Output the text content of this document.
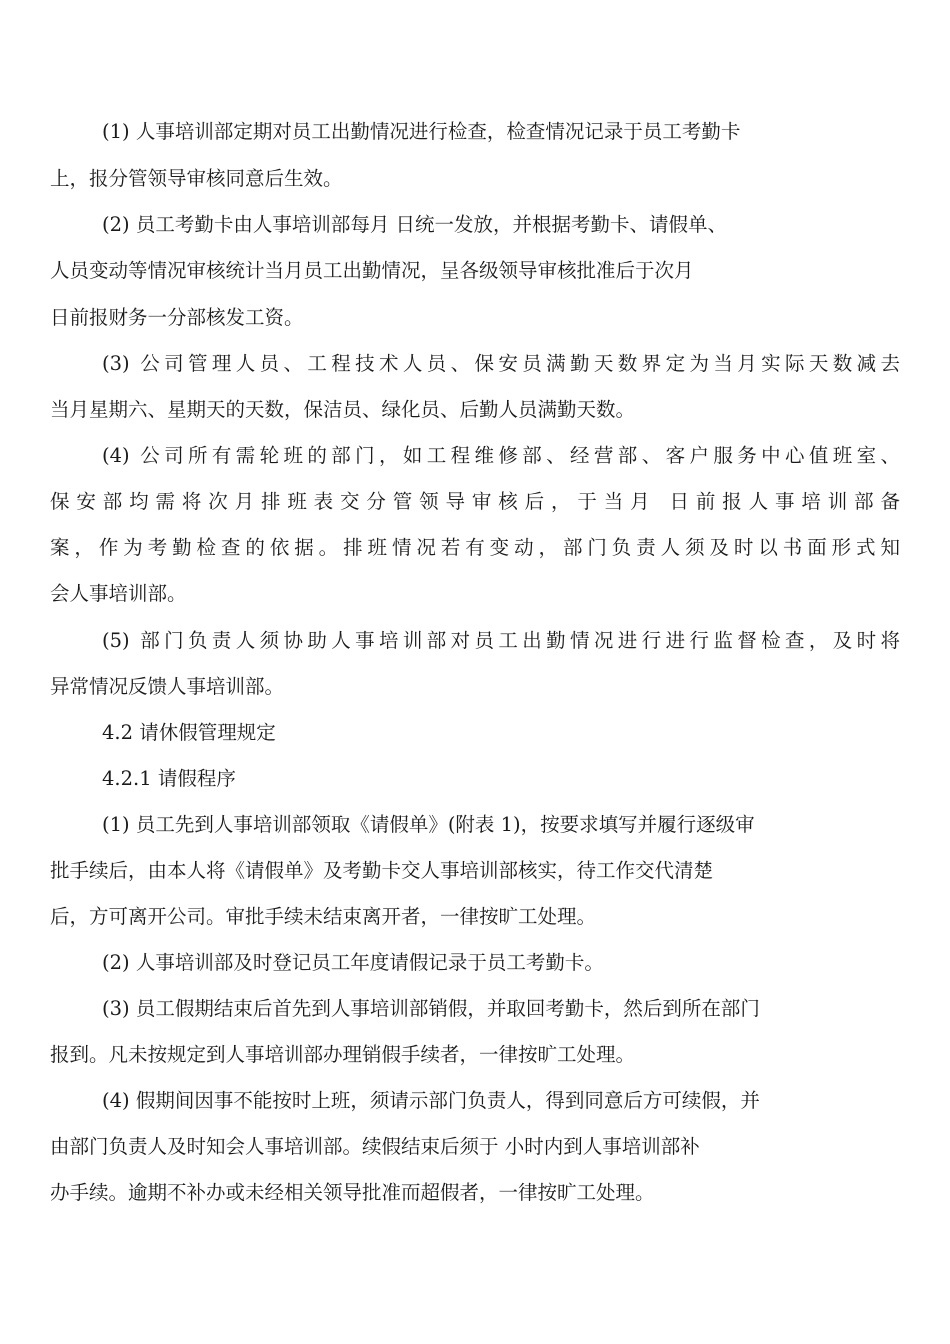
(1) 人事培训部定期对员工出勤情况进行检查，检查情况记录于员工考勤卡
上，报分管领导审核同意后生效。
(2) 员工考勤卡由人事培训部每月 日统一发放，并根据考勤卡、请假单、
人员变动等情况审核统计当月员工出勤情况，呈各级领导审核批准后于次月
日前报财务一分部核发工资。
(3) 公司管理人员、工程技术人员、保安员满勤天数界定为当月实际天数减去
当月星期六、星期天的天数，保洁员、绿化员、后勤人员满勤天数。
(4) 公司所有需轮班的部门，如工程维修部、经营部、客户服务中心值班室、
保安部均需将次月排班表交分管领导审核后，于当月 日前报人事培训部备
案，作为考勤检查的依据。排班情况若有变动，部门负责人须及时以书面形式知
会人事培训部。
(5) 部门负责人须协助人事培训部对员工出勤情况进行进行监督检查，及时将
异常情况反馈人事培训部。
4.2 请休假管理规定
4.2.1 请假程序
(1) 员工先到人事培训部领取《请假单》(附表 1)，按要求填写并履行逐级审
批手续后，由本人将《请假单》及考勤卡交人事培训部核实，待工作交代清楚
后，方可离开公司。审批手续未结束离开者，一律按旷工处理。
(2) 人事培训部及时登记员工年度请假记录于员工考勤卡。
(3) 员工假期结束后首先到人事培训部销假，并取回考勤卡，然后到所在部门
报到。凡未按规定到人事培训部办理销假手续者，一律按旷工处理。
(4) 假期间因事不能按时上班，须请示部门负责人，得到同意后方可续假，并
由部门负责人及时知会人事培训部。续假结束后须于 小时内到人事培训部补
办手续。逾期不补办或未经相关领导批准而超假者，一律按旷工处理。
